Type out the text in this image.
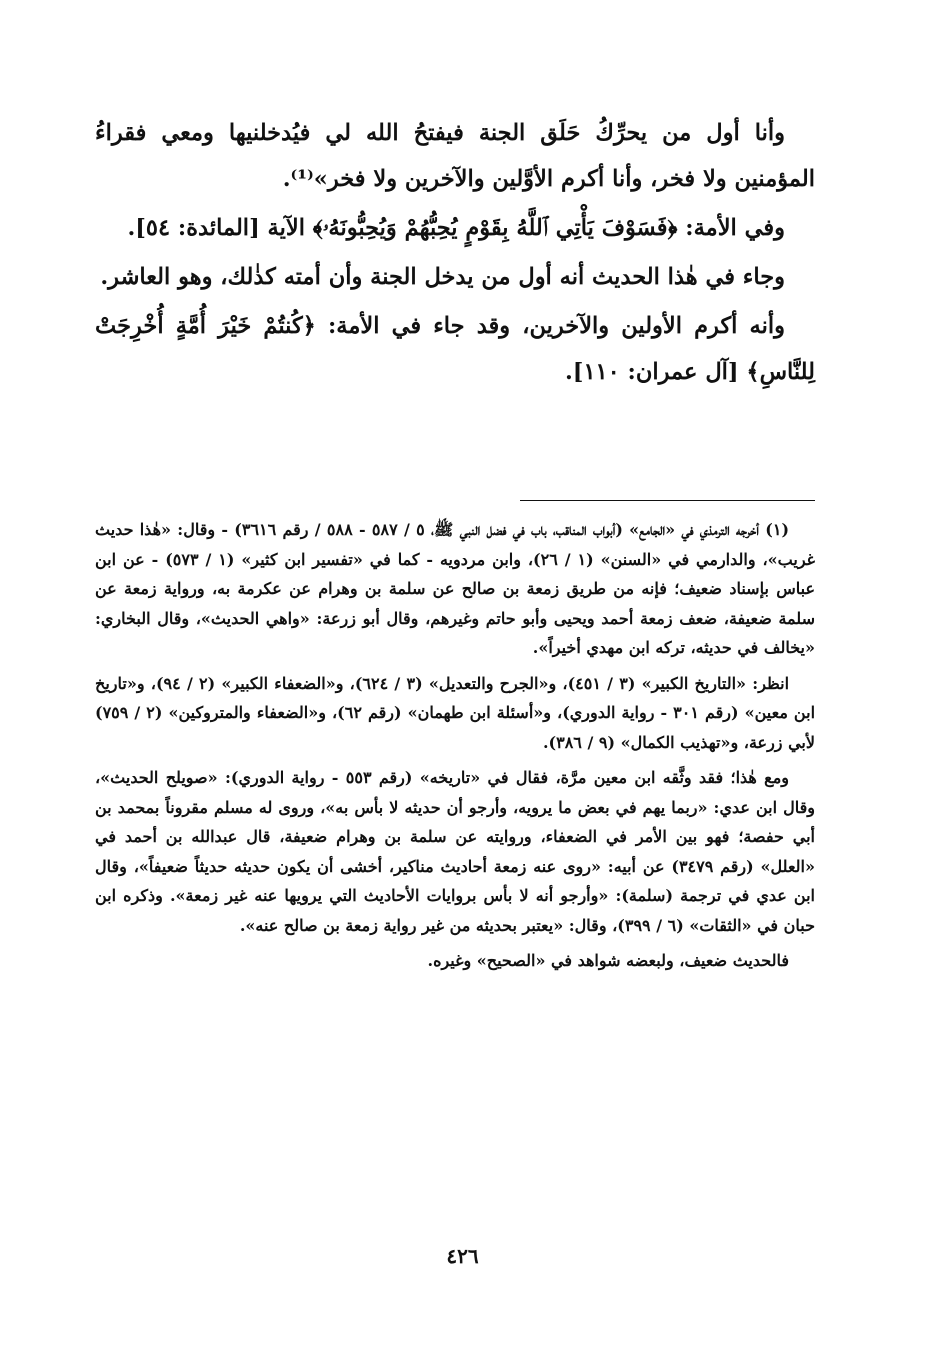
وأنا أول من يحرِّكُ حَلَق الجنة فيفتحُ الله لي فيُدخلنيها ومعي فقراءُ المؤمنين ولا فخر، وأنا أكرم الأوَّلين والآخرين ولا فخر»⁽¹⁾.

وفي الأمة: ﴿فَسَوْفَ يَأْتِي ٱللَّهُ بِقَوْمٍ يُحِبُّهُمْ وَيُحِبُّونَهُۥ﴾ الآية [المائدة: ٥٤].

وجاء في هٰذا الحديث أنه أول من يدخل الجنة وأن أمته كذٰلك، وهو العاشر.

وأنه أكرم الأولين والآخرين، وقد جاء في الأمة: ﴿كُنتُمْ خَيْرَ أُمَّةٍ أُخْرِجَتْ لِلنَّاسِ﴾ [آل عمران: ١١٠].

(١) أخرجه الترمذي في «الجامع» (أبواب المناقب، باب في فضل النبي ﷺ، ٥ / ٥٨٧ - ٥٨٨ / رقم ٣٦١٦) - وقال: «هٰذا حديث غريب»، والدارمي في «السنن» (١ / ٢٦)، وابن مردويه - كما في «تفسير ابن كثير» (١ / ٥٧٣) - عن ابن عباس بإسناد ضعيف؛ فإنه من طريق زمعة بن صالح عن سلمة بن وهرام عن عكرمة به، ورواية زمعة عن سلمة ضعيفة، ضعف زمعة أحمد ويحيى وأبو حاتم وغيرهم، وقال أبو زرعة: «واهي الحديث»، وقال البخاري: «يخالف في حديثه، تركه ابن مهدي أخيراً».

انظر: «التاريخ الكبير» (٣ / ٤٥١)، و«الجرح والتعديل» (٣ / ٦٢٤)، و«الضعفاء الكبير» (٢ / ٩٤)، و«تاريخ ابن معين» (رقم ٣٠١ - رواية الدوري)، و«أسئلة ابن طهمان» (رقم ٦٢)، و«الضعفاء والمتروكين» (٢ / ٧٥٩) لأبي زرعة، و«تهذيب الكمال» (٩ / ٣٨٦).

ومع هٰذا؛ فقد وثَّقه ابن معين مرَّة، فقال في «تاريخه» (رقم ٥٥٣ - رواية الدوري): «صويلح الحديث»، وقال ابن عدي: «ربما يهم في بعض ما يرويه، وأرجو أن حديثه لا بأس به»، وروى له مسلم مقروناً بمحمد بن أبي حفصة؛ فهو بين الأمر في الضعفاء، وروايته عن سلمة بن وهرام ضعيفة، قال عبدالله بن أحمد في «العلل» (رقم ٣٤٧٩) عن أبيه: «روى عنه زمعة أحاديث مناكير، أخشى أن يكون حديثه حديثاً ضعيفاً»، وقال ابن عدي في ترجمة (سلمة): «وأرجو أنه لا بأس بروايات الأحاديث التي يرويها عنه غير زمعة». وذكره ابن حبان في «الثقات» (٦ / ٣٩٩)، وقال: «يعتبر بحديثه من غير رواية زمعة بن صالح عنه».

فالحديث ضعيف، ولبعضه شواهد في «الصحيح» وغيره.

٤٢٦
